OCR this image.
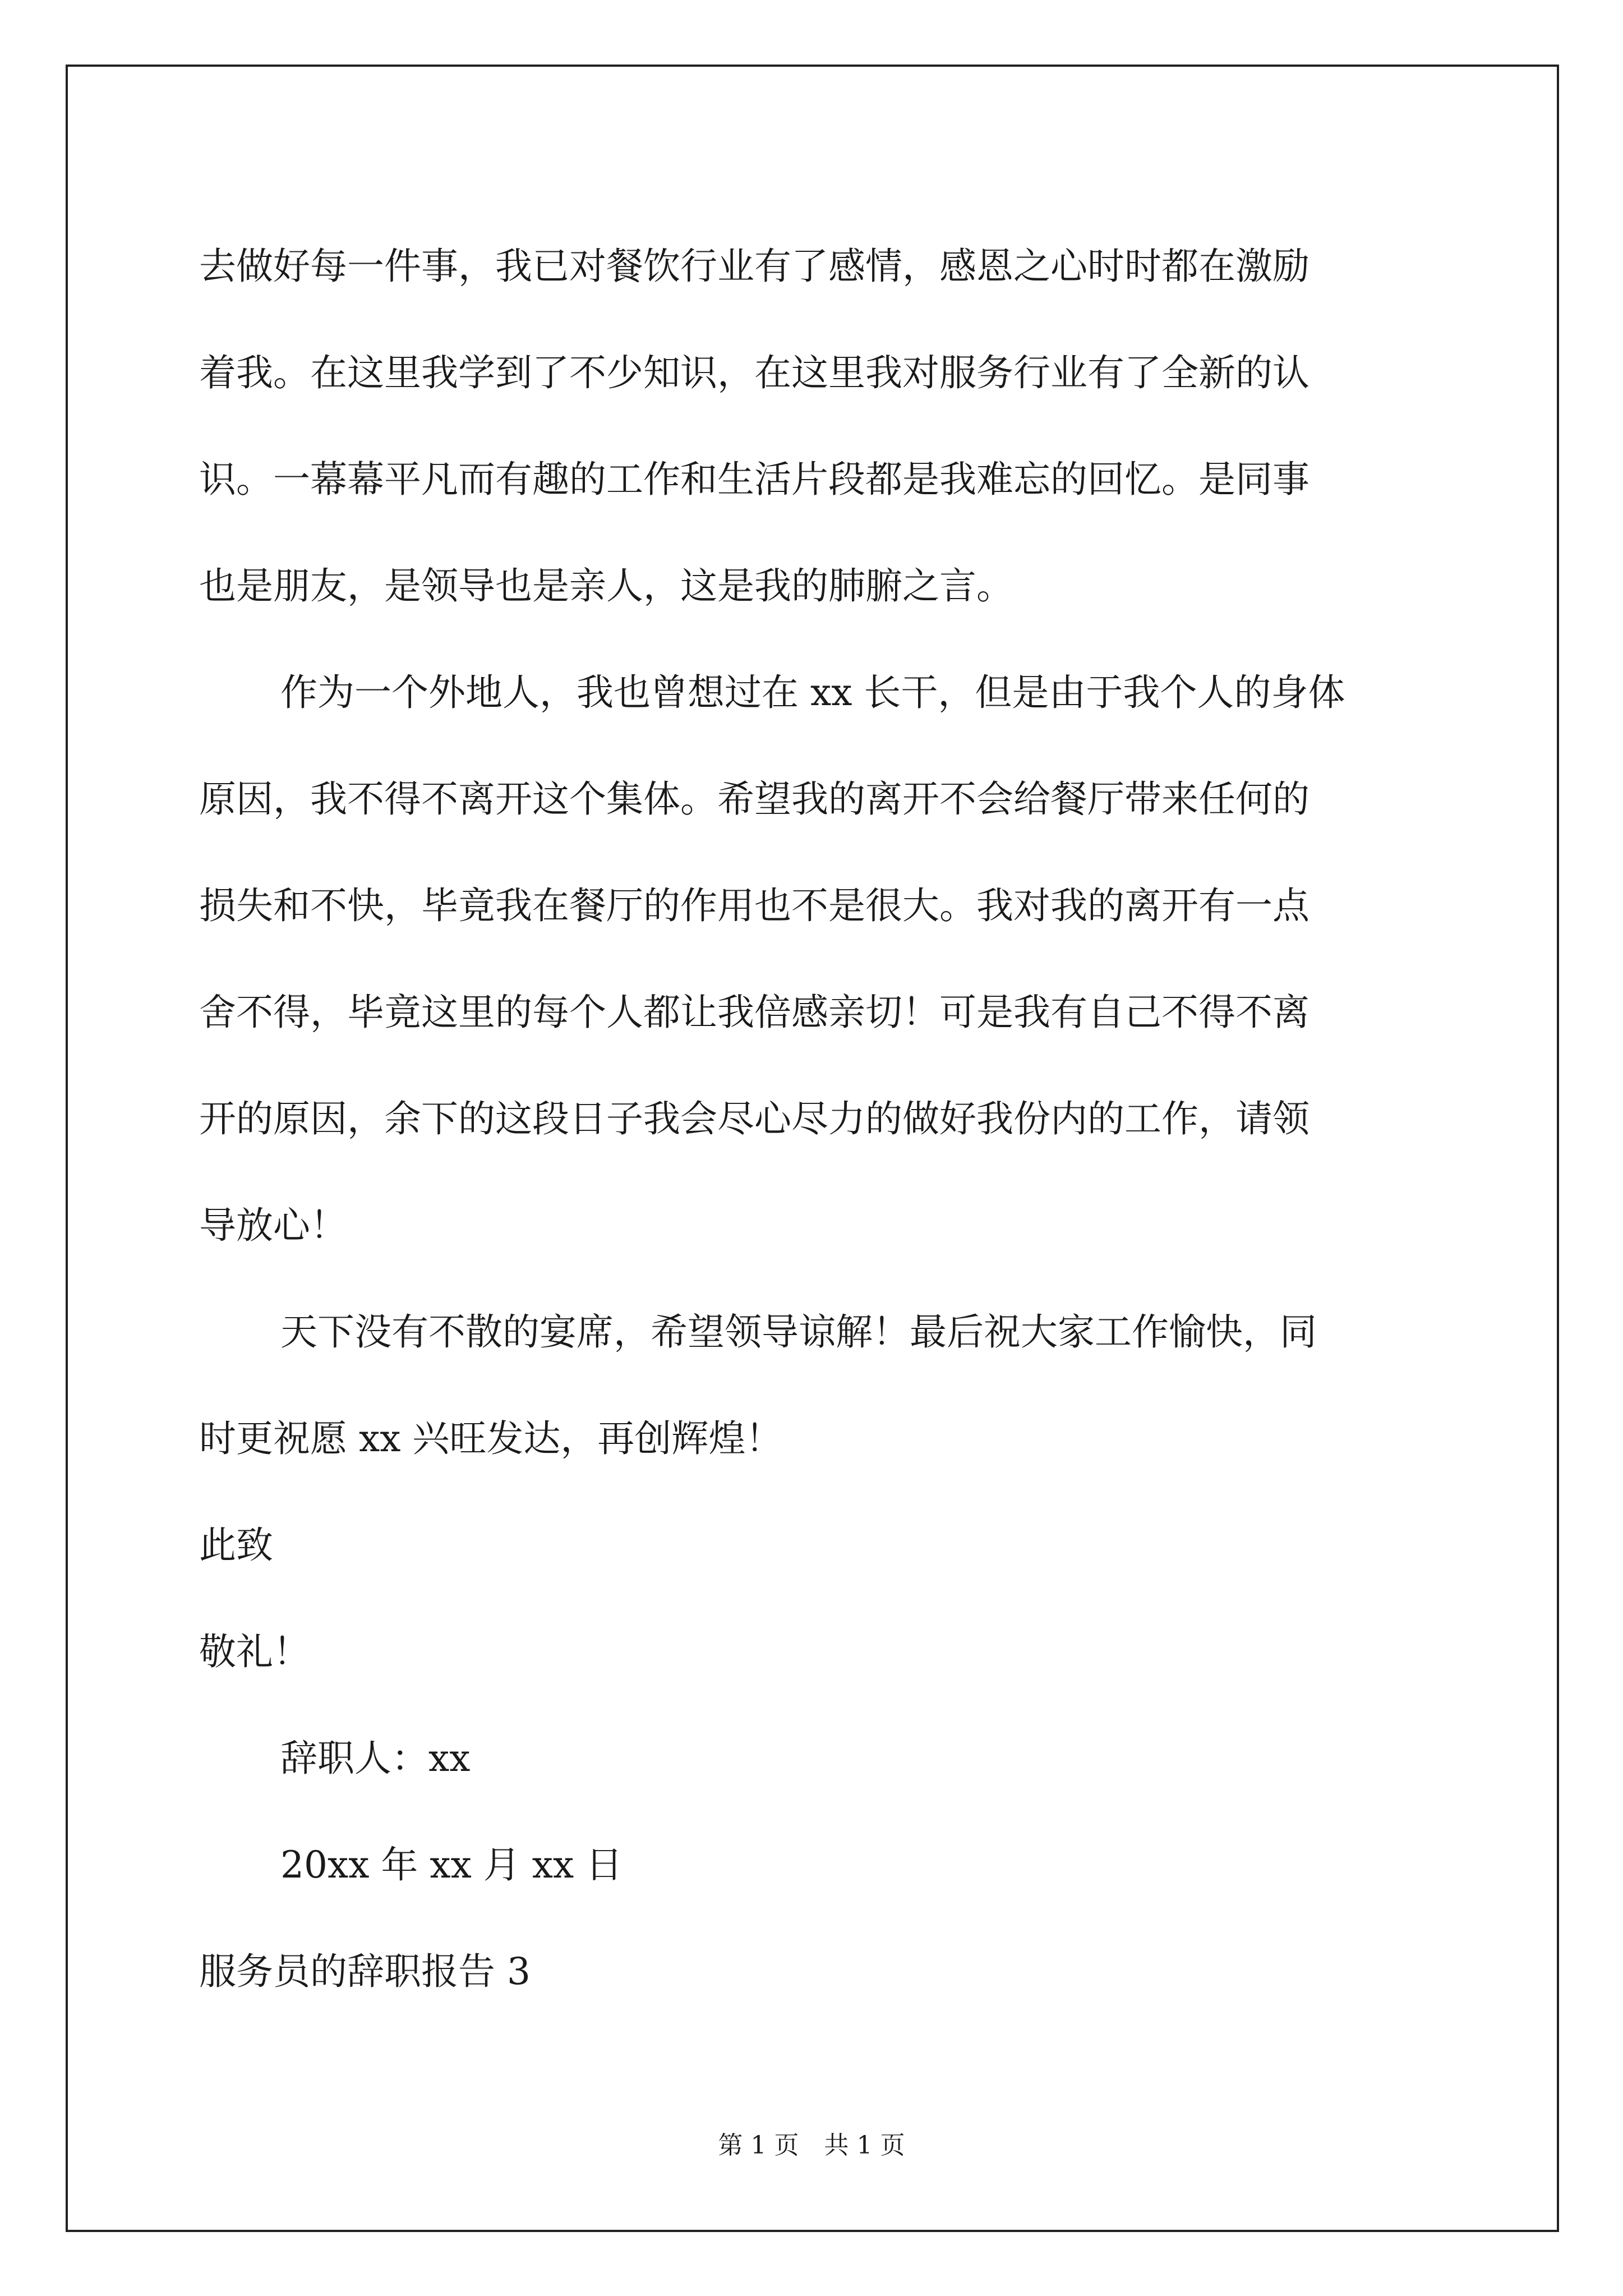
去做好每一件事，我已对餐饮行业有了感情，感恩之心时时都在激励
着我。在这里我学到了不少知识，在这里我对服务行业有了全新的认
识。一幕幕平凡而有趣的工作和生活片段都是我难忘的回忆。是同事
也是朋友，是领导也是亲人，这是我的肺腑之言。
作为一个外地人，我也曾想过在 xx 长干，但是由于我个人的身体
原因，我不得不离开这个集体。希望我的离开不会给餐厅带来任何的
损失和不快，毕竟我在餐厅的作用也不是很大。我对我的离开有一点
舍不得，毕竟这里的每个人都让我倍感亲切！可是我有自己不得不离
开的原因，余下的这段日子我会尽心尽力的做好我份内的工作，请领
导放心！
天下没有不散的宴席，希望领导谅解！最后祝大家工作愉快，同
时更祝愿 xx 兴旺发达，再创辉煌！
此致
敬礼！
辞职人：xx
20xx 年 xx 月 xx 日
服务员的辞职报告 3
第 1 页 共 1 页
